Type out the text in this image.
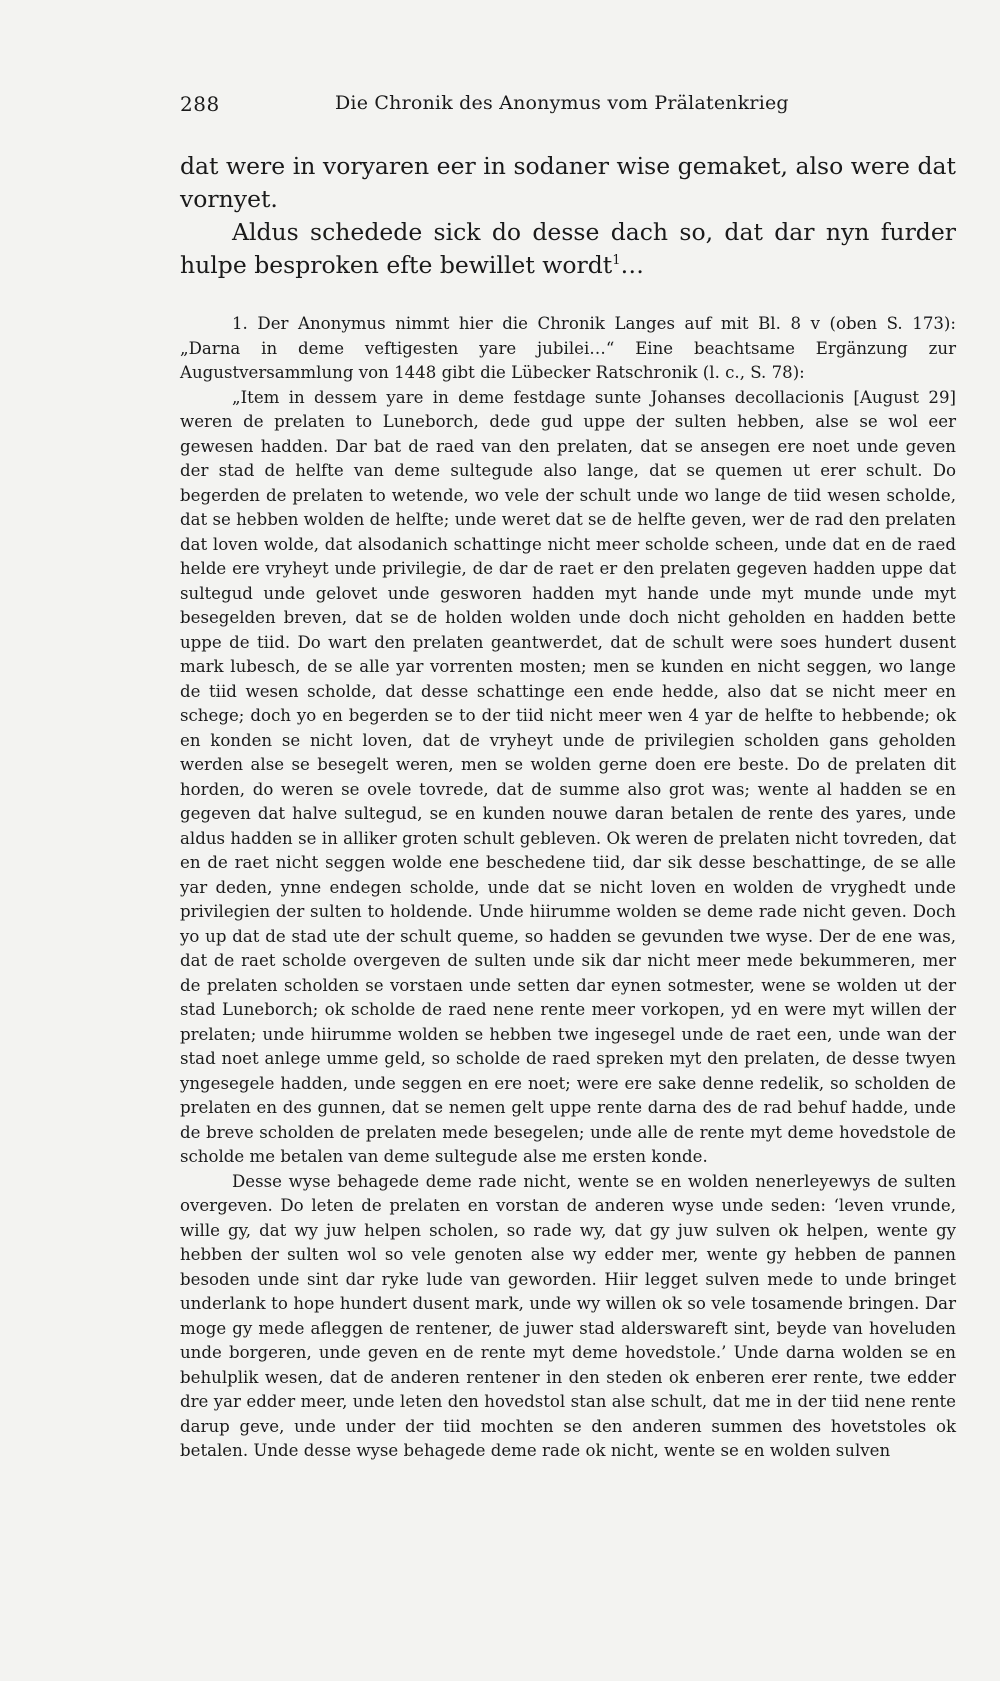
288	Die Chronik des Anonymus vom Prälatenkrieg

dat were in voryaren eer in sodaner wise gemaket, also were dat vornyet.

Aldus schedede sick do desse dach so, dat dar nyn furder hulpe besproken efte bewillet wordt$^1$…

1. Der Anonymus nimmt hier die Chronik Langes auf mit Bl. 8 v (oben S. 173): „Darna in deme veftigesten yare jubilei…“ Eine beachtsame Ergänzung zur Augustversammlung von 1448 gibt die Lübecker Ratschronik (l. c., S. 78):

„Item in dessem yare in deme festdage sunte Johanses decollacionis [August 29] weren de prelaten to Luneborch, dede gud uppe der sulten hebben, alse se wol eer gewesen hadden. Dar bat de raed van den prelaten, dat se ansegen ere noet unde geven der stad de helfte van deme sultegude also lange, dat se quemen ut erer schult. Do begerden de prelaten to wetende, wo vele der schult unde wo lange de tiid wesen scholde, dat se hebben wolden de helfte; unde weret dat se de helfte geven, wer de rad den prelaten dat loven wolde, dat alsodanich schattinge nicht meer scholde scheen, unde dat en de raed helde ere vryheyt unde privilegie, de dar de raet er den prelaten gegeven hadden uppe dat sultegud unde gelovet unde gesworen hadden myt hande unde myt munde unde myt besegelden breven, dat se de holden wolden unde doch nicht geholden en hadden bette uppe de tiid. Do wart den prelaten geantwerdet, dat de schult were soes hundert dusent mark lubesch, de se alle yar vorrenten mosten; men se kunden en nicht seggen, wo lange de tiid wesen scholde, dat desse schattinge een ende hedde, also dat se nicht meer en schege; doch yo en begerden se to der tiid nicht meer wen 4 yar de helfte to hebbende; ok en konden se nicht loven, dat de vryheyt unde de privilegien scholden gans geholden werden alse se besegelt weren, men se wolden gerne doen ere beste. Do de prelaten dit horden, do weren se ovele tovrede, dat de summe also grot was; wente al hadden se en gegeven dat halve sultegud, se en kunden nouwe daran betalen de rente des yares, unde aldus hadden se in alliker groten schult gebleven. Ok weren de prelaten nicht tovreden, dat en de raet nicht seggen wolde ene beschedene tiid, dar sik desse beschattinge, de se alle yar deden, ynne endegen scholde, unde dat se nicht loven en wolden de vryghedt unde privilegien der sulten to holdende. Unde hiirumme wolden se deme rade nicht geven. Doch yo up dat de stad ute der schult queme, so hadden se gevunden twe wyse. Der de ene was, dat de raet scholde overgeven de sulten unde sik dar nicht meer mede bekummeren, mer de prelaten scholden se vorstaen unde setten dar eynen sotmester, wene se wolden ut der stad Luneborch; ok scholde de raed nene rente meer vorkopen, yd en were myt willen der prelaten; unde hiirumme wolden se hebben twe ingesegel unde de raet een, unde wan der stad noet anlege umme geld, so scholde de raed spreken myt den prelaten, de desse twyen yngesegele hadden, unde seggen en ere noet; were ere sake denne redelik, so scholden de prelaten en des gunnen, dat se nemen gelt uppe rente darna des de rad behuf hadde, unde de breve scholden de prelaten mede besegelen; unde alle de rente myt deme hovedstole de scholde me betalen van deme sultegude alse me ersten konde.

Desse wyse behagede deme rade nicht, wente se en wolden nenerleyewys de sulten overgeven. Do leten de prelaten en vorstan de anderen wyse unde seden: ‘leven vrunde, wille gy, dat wy juw helpen scholen, so rade wy, dat gy juw sulven ok helpen, wente gy hebben der sulten wol so vele genoten alse wy edder mer, wente gy hebben de pannen besoden unde sint dar ryke lude van geworden. Hiir legget sulven mede to unde bringet underlank to hope hundert dusent mark, unde wy willen ok so vele tosamende bringen. Dar moge gy mede afleggen de rentener, de juwer stad alderswareft sint, beyde van hoveluden unde borgeren, unde geven en de rente myt deme hovedstole.’ Unde darna wolden se en behulplik wesen, dat de anderen rentener in den steden ok enberen erer rente, twe edder dre yar edder meer, unde leten den hovedstol stan alse schult, dat me in der tiid nene rente darup geve, unde under der tiid mochten se den anderen summen des hovetstoles ok betalen. Unde desse wyse behagede deme rade ok nicht, wente se en wolden sulven
